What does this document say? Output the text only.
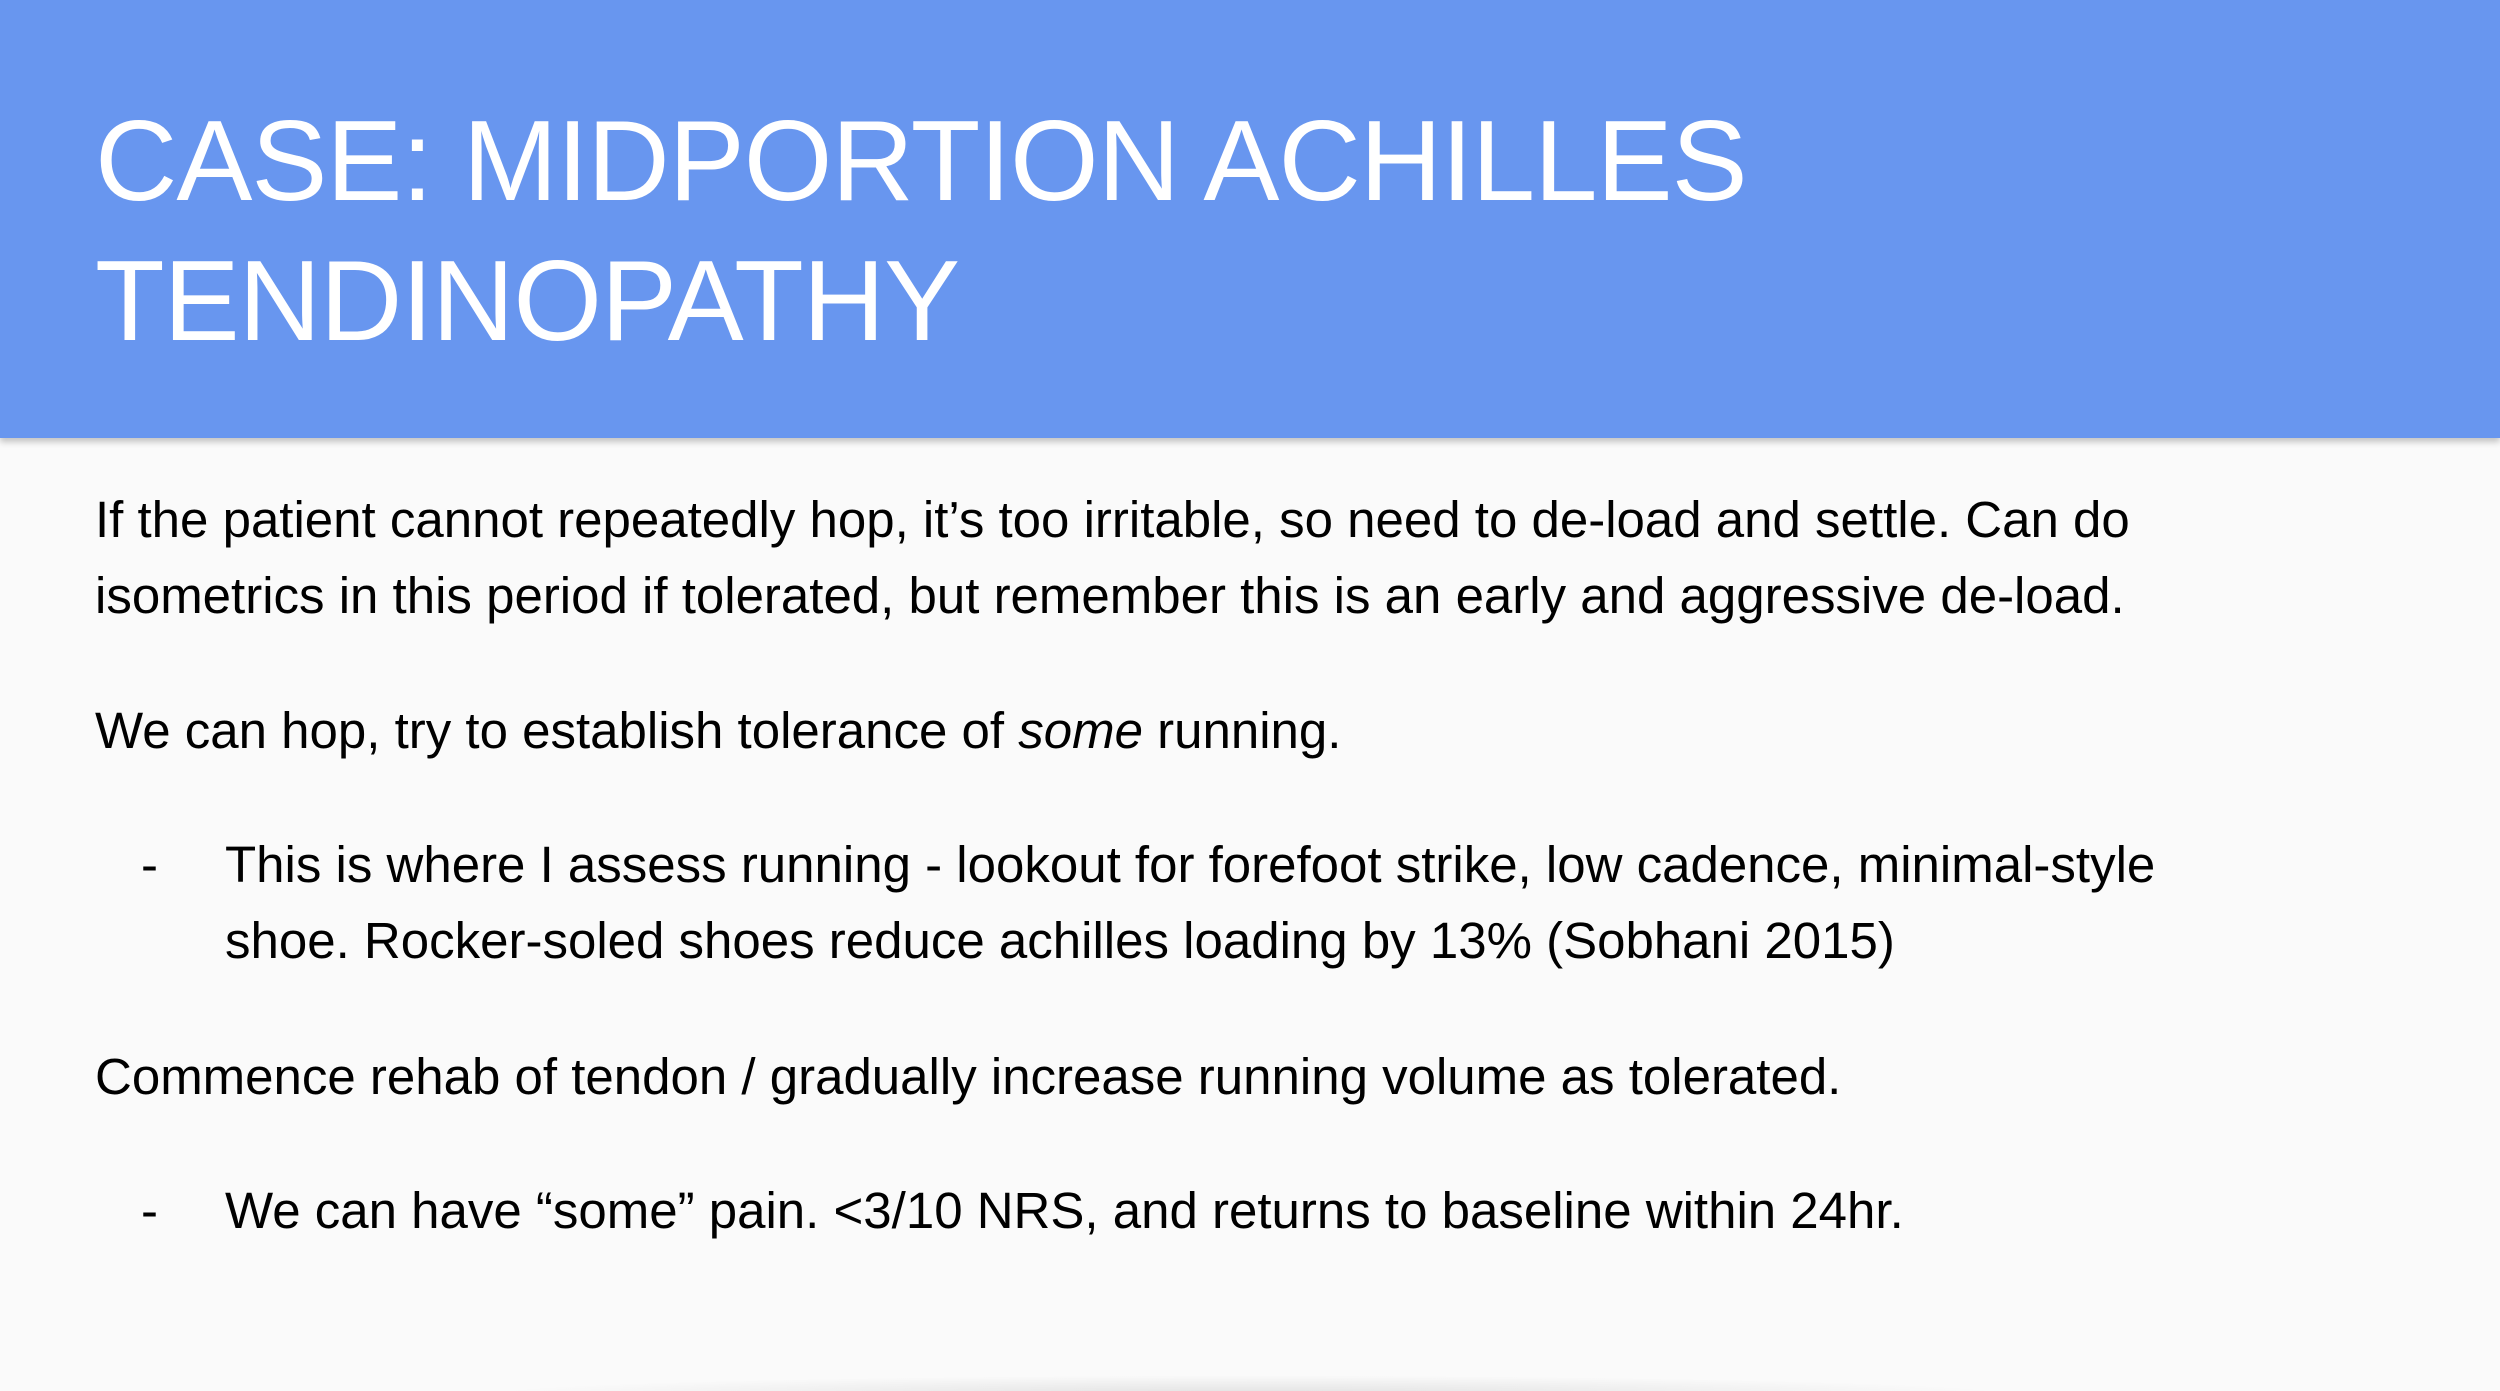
CASE: MIDPORTION ACHILLES
TENDINOPATHY

If the patient cannot repeatedly hop, it’s too irritable, so need to de-load and settle. Can do
isometrics in this period if tolerated, but remember this is an early and aggressive de-load.

We can hop, try to establish tolerance of some running.

- This is where I assess running - lookout for forefoot strike, low cadence, minimal-style
shoe. Rocker-soled shoes reduce achilles loading by 13% (Sobhani 2015)

Commence rehab of tendon / gradually increase running volume as tolerated.

- We can have “some” pain. <3/10 NRS, and returns to baseline within 24hr.
